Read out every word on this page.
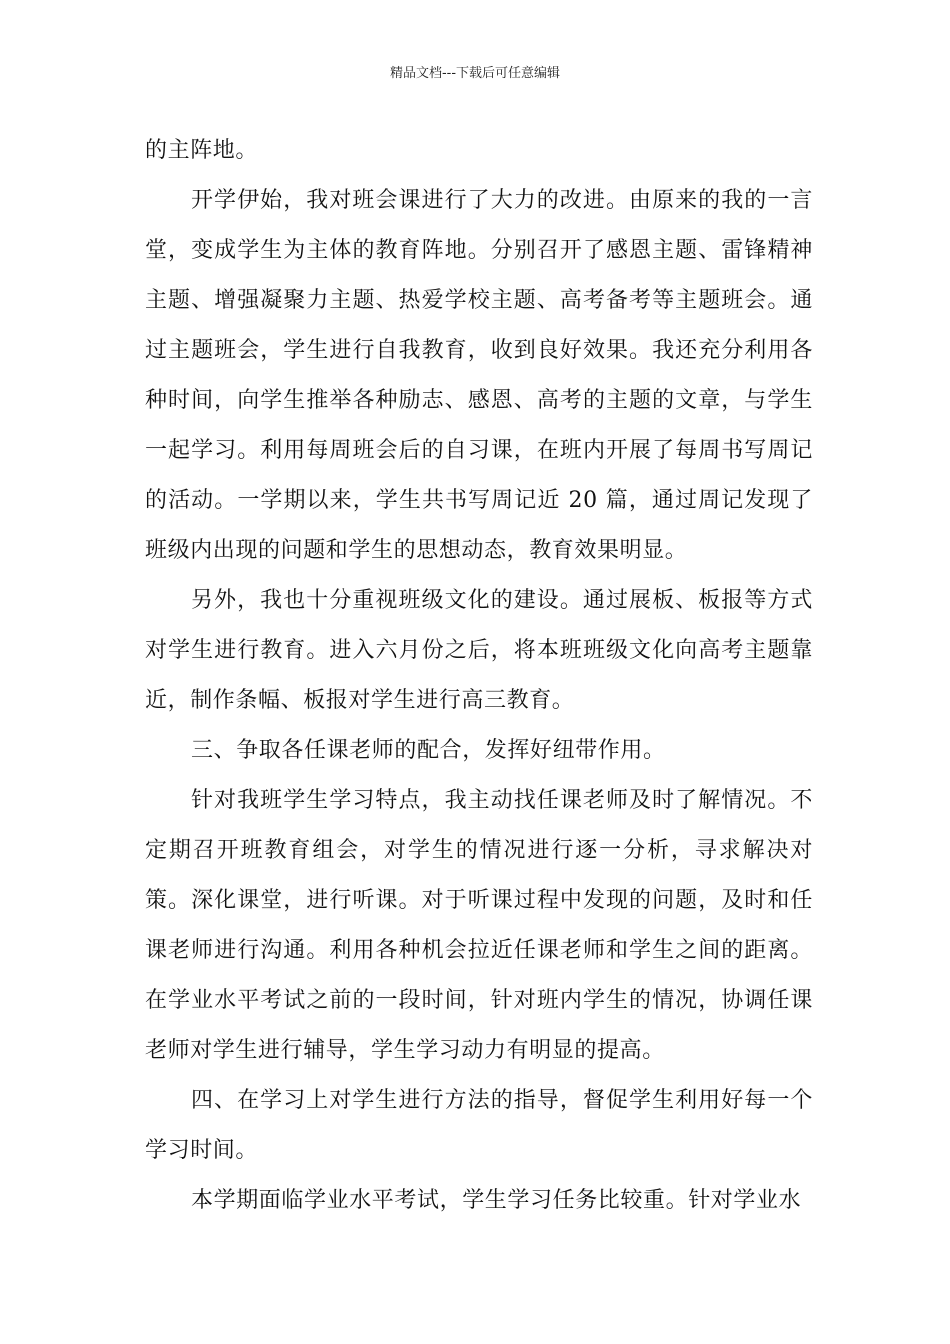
精品文档---下载后可任意编辑

的主阵地。

开学伊始，我对班会课进行了大力的改进。由原来的我的一言堂，变成学生为主体的教育阵地。分别召开了感恩主题、雷锋精神主题、增强凝聚力主题、热爱学校主题、高考备考等主题班会。通过主题班会，学生进行自我教育，收到良好效果。我还充分利用各种时间，向学生推举各种励志、感恩、高考的主题的文章，与学生一起学习。利用每周班会后的自习课，在班内开展了每周书写周记的活动。一学期以来，学生共书写周记近 20 篇，通过周记发现了班级内出现的问题和学生的思想动态，教育效果明显。

另外，我也十分重视班级文化的建设。通过展板、板报等方式对学生进行教育。进入六月份之后，将本班班级文化向高考主题靠近，制作条幅、板报对学生进行高三教育。

三、争取各任课老师的配合，发挥好纽带作用。

针对我班学生学习特点，我主动找任课老师及时了解情况。不定期召开班教育组会，对学生的情况进行逐一分析，寻求解决对策。深化课堂，进行听课。对于听课过程中发现的问题，及时和任课老师进行沟通。利用各种机会拉近任课老师和学生之间的距离。在学业水平考试之前的一段时间，针对班内学生的情况，协调任课老师对学生进行辅导，学生学习动力有明显的提高。

四、在学习上对学生进行方法的指导，督促学生利用好每一个学习时间。

本学期面临学业水平考试，学生学习任务比较重。针对学业水
